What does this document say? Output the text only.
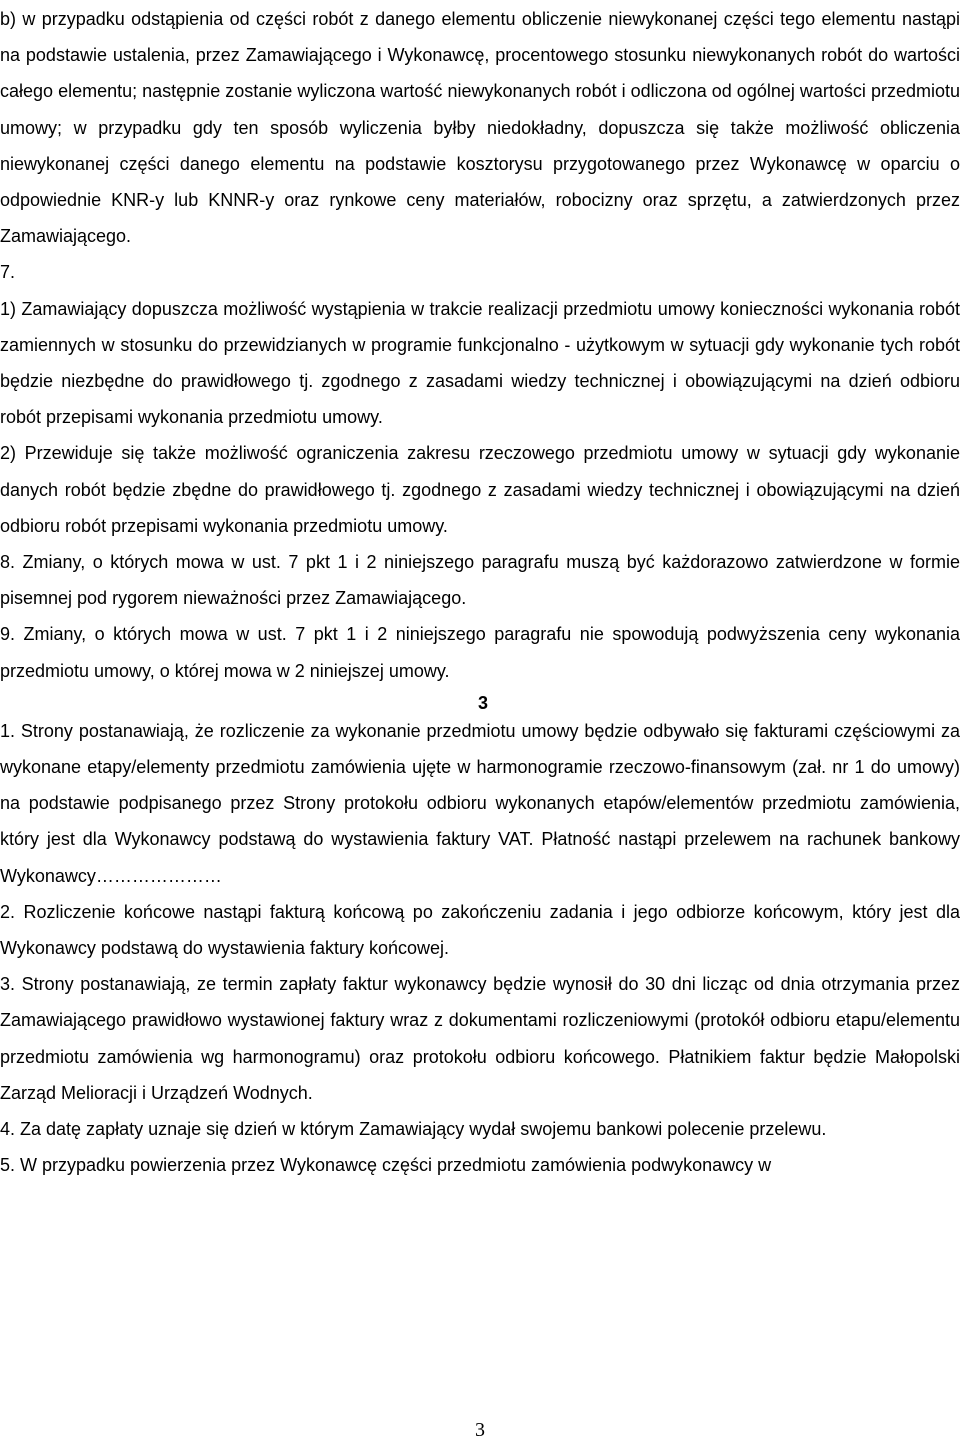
b) w przypadku odstąpienia od części robót z danego elementu obliczenie niewykonanej części tego elementu nastąpi na podstawie ustalenia, przez Zamawiającego i Wykonawcę, procentowego stosunku niewykonanych robót do wartości całego elementu; następnie zostanie wyliczona wartość niewykonanych robót i odliczona od ogólnej wartości przedmiotu umowy; w przypadku gdy ten sposób wyliczenia byłby niedokładny, dopuszcza się także możliwość obliczenia niewykonanej części danego elementu na podstawie kosztorysu przygotowanego przez Wykonawcę w oparciu o odpowiednie KNR-y lub KNNR-y oraz rynkowe ceny materiałów, robocizny oraz sprzętu, a zatwierdzonych przez Zamawiającego.

7.

1) Zamawiający dopuszcza możliwość wystąpienia w trakcie realizacji przedmiotu umowy konieczności wykonania robót zamiennych w stosunku do przewidzianych w programie funkcjonalno - użytkowym w sytuacji gdy wykonanie tych robót będzie niezbędne do prawidłowego tj. zgodnego z zasadami wiedzy technicznej i obowiązującymi na dzień odbioru robót przepisami wykonania przedmiotu umowy.

2) Przewiduje się także możliwość ograniczenia zakresu rzeczowego przedmiotu umowy w sytuacji gdy wykonanie danych robót będzie zbędne do prawidłowego tj. zgodnego z zasadami wiedzy technicznej i obowiązującymi na dzień odbioru robót przepisami wykonania przedmiotu umowy.

8. Zmiany, o których mowa w ust. 7 pkt 1 i 2 niniejszego paragrafu muszą być każdorazowo zatwierdzone w formie pisemnej pod rygorem nieważności przez Zamawiającego.

9. Zmiany, o których mowa w ust. 7 pkt 1 i 2 niniejszego paragrafu nie spowodują podwyższenia ceny wykonania przedmiotu umowy, o której mowa w 2 niniejszej umowy.

3

1. Strony postanawiają, że rozliczenie za wykonanie przedmiotu umowy będzie odbywało się fakturami częściowymi za wykonane etapy/elementy przedmiotu zamówienia ujęte w harmonogramie rzeczowo-finansowym (zał. nr 1 do umowy) na podstawie podpisanego przez Strony protokołu odbioru wykonanych etapów/elementów przedmiotu zamówienia, który jest dla Wykonawcy podstawą do wystawienia faktury VAT. Płatność nastąpi przelewem na rachunek bankowy Wykonawcy…………………

2. Rozliczenie końcowe nastąpi fakturą końcową po zakończeniu zadania i jego odbiorze końcowym, który jest dla Wykonawcy podstawą do wystawienia faktury końcowej.

3. Strony postanawiają, ze termin zapłaty faktur wykonawcy będzie wynosił do 30 dni licząc od dnia otrzymania przez Zamawiającego prawidłowo wystawionej faktury wraz z dokumentami rozliczeniowymi (protokół odbioru etapu/elementu przedmiotu zamówienia wg harmonogramu) oraz protokołu odbioru końcowego. Płatnikiem faktur będzie Małopolski Zarząd Melioracji i Urządzeń Wodnych.

4. Za datę zapłaty uznaje się dzień w którym Zamawiający wydał swojemu bankowi polecenie przelewu.

5. W przypadku powierzenia przez Wykonawcę części przedmiotu zamówienia podwykonawcy w

3
